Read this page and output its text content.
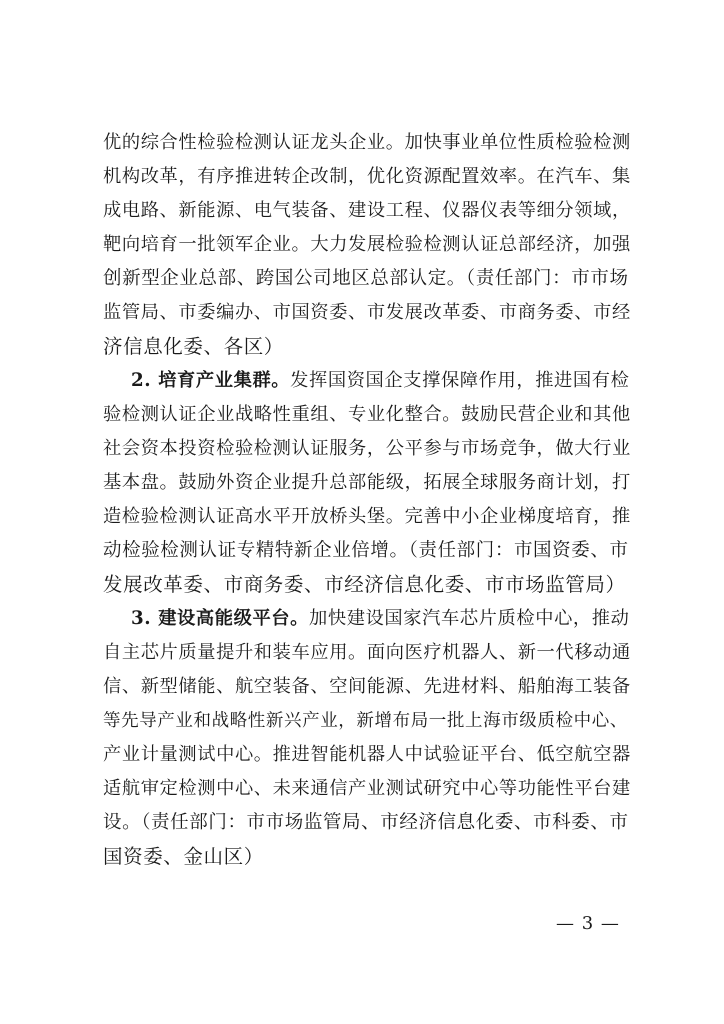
优的综合性检验检测认证龙头企业。加快事业单位性质检验检测
机构改革，有序推进转企改制，优化资源配置效率。在汽车、集
成电路、新能源、电气装备、建设工程、仪器仪表等细分领域，
靶向培育一批领军企业。大力发展检验检测认证总部经济，加强
创新型企业总部、跨国公司地区总部认定。（责任部门：市市场
监管局、市委编办、市国资委、市发展改革委、市商务委、市经
济信息化委、各区）
2. 培育产业集群。发挥国资国企支撑保障作用，推进国有检
验检测认证企业战略性重组、专业化整合。鼓励民营企业和其他
社会资本投资检验检测认证服务，公平参与市场竞争，做大行业
基本盘。鼓励外资企业提升总部能级，拓展全球服务商计划，打
造检验检测认证高水平开放桥头堡。完善中小企业梯度培育，推
动检验检测认证专精特新企业倍增。（责任部门：市国资委、市
发展改革委、市商务委、市经济信息化委、市市场监管局）
3. 建设高能级平台。加快建设国家汽车芯片质检中心，推动
自主芯片质量提升和装车应用。面向医疗机器人、新一代移动通
信、新型储能、航空装备、空间能源、先进材料、船舶海工装备
等先导产业和战略性新兴产业，新增布局一批上海市级质检中心、
产业计量测试中心。推进智能机器人中试验证平台、低空航空器
适航审定检测中心、未来通信产业测试研究中心等功能性平台建
设。（责任部门：市市场监管局、市经济信息化委、市科委、市
国资委、金山区）
— 3 —
